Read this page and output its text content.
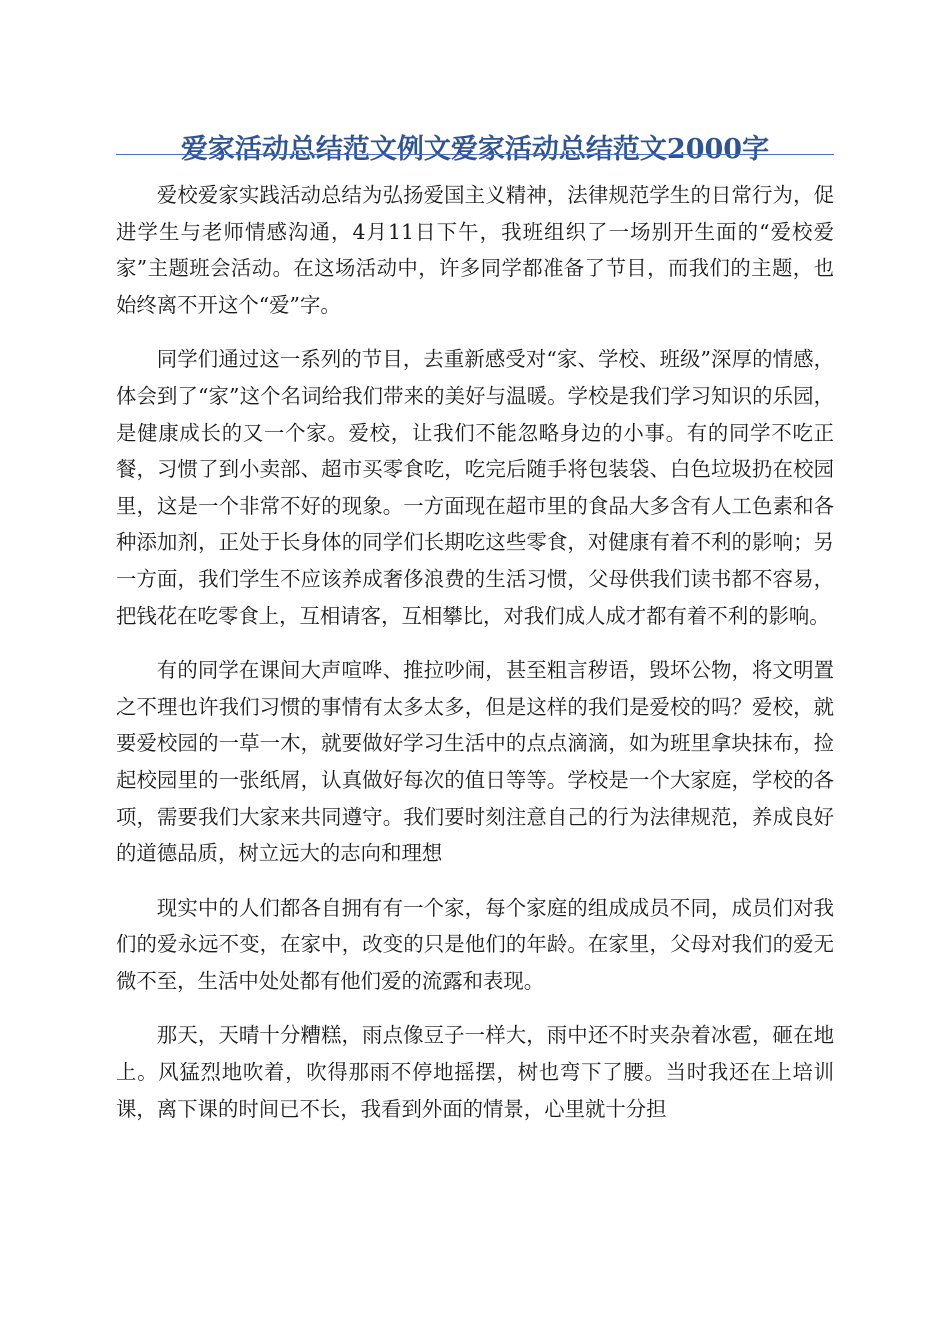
爱家活动总结范文例文爱家活动总结范文2000字

爱校爱家实践活动总结为弘扬爱国主义精神，法律规范学生的日常行为，促进学生与老师情感沟通，4月11日下午，我班组织了一场别开生面的“爱校爱家”主题班会活动。在这场活动中，许多同学都准备了节目，而我们的主题，也始终离不开这个“爱”字。

同学们通过这一系列的节目，去重新感受对“家、学校、班级”深厚的情感，体会到了“家”这个名词给我们带来的美好与温暖。学校是我们学习知识的乐园，是健康成长的又一个家。爱校，让我们不能忽略身边的小事。有的同学不吃正餐，习惯了到小卖部、超市买零食吃，吃完后随手将包装袋、白色垃圾扔在校园里，这是一个非常不好的现象。一方面现在超市里的食品大多含有人工色素和各种添加剂，正处于长身体的同学们长期吃这些零食，对健康有着不利的影响；另一方面，我们学生不应该养成奢侈浪费的生活习惯，父母供我们读书都不容易，把钱花在吃零食上，互相请客，互相攀比，对我们成人成才都有着不利的影响。

有的同学在课间大声喧哗、推拉吵闹，甚至粗言秽语，毁坏公物，将文明置之不理也许我们习惯的事情有太多太多，但是这样的我们是爱校的吗？爱校，就要爱校园的一草一木，就要做好学习生活中的点点滴滴，如为班里拿块抹布，捡起校园里的一张纸屑，认真做好每次的值日等等。学校是一个大家庭，学校的各项，需要我们大家来共同遵守。我们要时刻注意自己的行为法律规范，养成良好的道德品质，树立远大的志向和理想

现实中的人们都各自拥有有一个家，每个家庭的组成成员不同，成员们对我们的爱永远不变，在家中，改变的只是他们的年龄。在家里，父母对我们的爱无微不至，生活中处处都有他们爱的流露和表现。

那天，天晴十分糟糕，雨点像豆子一样大，雨中还不时夹杂着冰雹，砸在地上。风猛烈地吹着，吹得那雨不停地摇摆，树也弯下了腰。当时我还在上培训课，离下课的时间已不长，我看到外面的情景，心里就十分担
